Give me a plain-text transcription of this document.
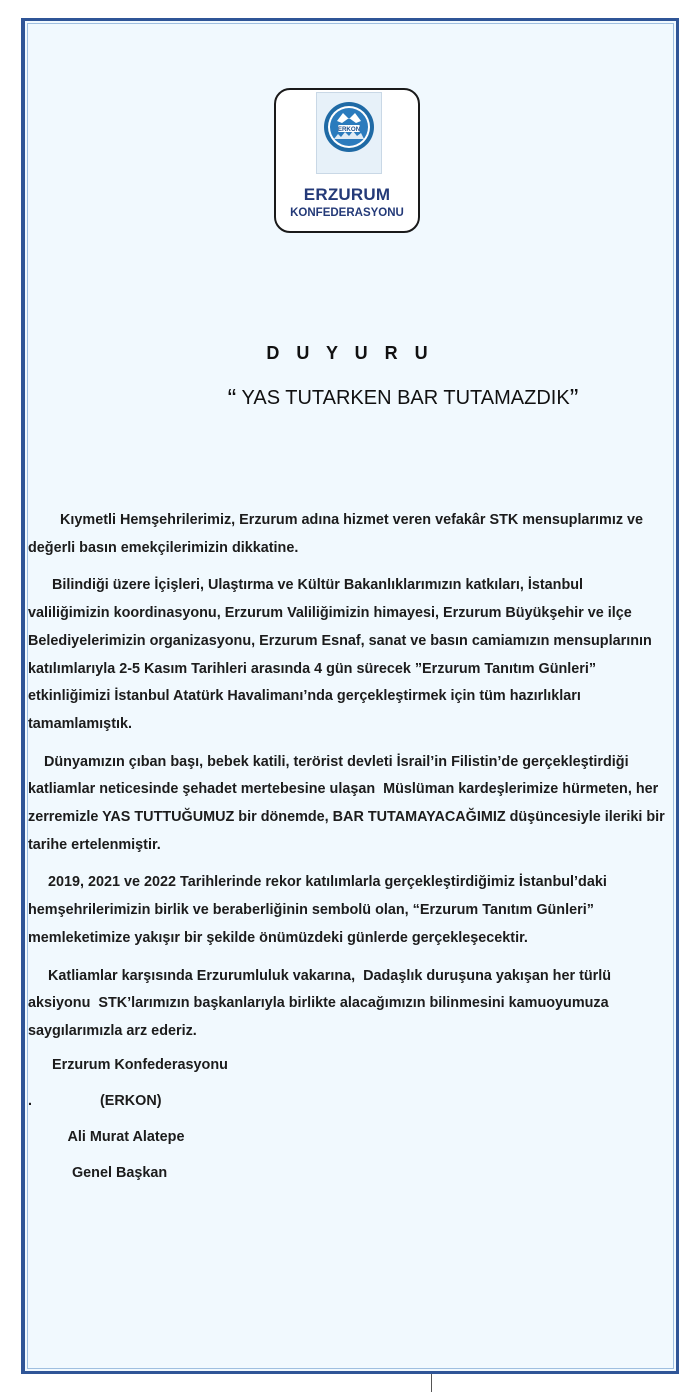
ERKON
ERZURUM
KONFEDERASYONU
D U Y U R U
“ YAS TUTARKEN BAR TUTAMAZDIK”

Kıymetli Hemşehrilerimiz, Erzurum adına hizmet veren vefakâr STK mensuplarımız ve değerli basın emekçilerimizin dikkatine.

Bilindiği üzere İçişleri, Ulaştırma ve Kültür Bakanlıklarımızın katkıları, İstanbul valiliğimizin koordinasyonu, Erzurum Valiliğimizin himayesi, Erzurum Büyükşehir ve ilçe Belediyelerimizin organizasyonu, Erzurum Esnaf, sanat ve basın camiamızın mensuplarının katılımlarıyla 2-5 Kasım Tarihleri arasında 4 gün sürecek ”Erzurum Tanıtım Günleri” etkinliğimizi İstanbul Atatürk Havalimanı’nda gerçekleştirmek için tüm hazırlıkları tamamlamıştık.

Dünyamızın çıban başı, bebek katili, terörist devleti İsrail’in Filistin’de gerçekleştirdiği katliamlar neticesinde şehadet mertebesine ulaşan  Müslüman kardeşlerimize hürmeten, her zerremizle YAS TUTTUĞUMUZ bir dönemde, BAR TUTAMAYACAĞIMIZ düşüncesiyle ileriki bir tarihe ertelenmiştir.

2019, 2021 ve 2022 Tarihlerinde rekor katılımlarla gerçekleştirdiğimiz İstanbul’daki hemşehrilerimizin birlik ve beraberliğinin sembolü olan, “Erzurum Tanıtım Günleri” memleketimize yakışır bir şekilde önümüzdeki günlerde gerçekleşecektir.

Katliamlar karşısında Erzurumluluk vakarına,  Dadaşlık duruşuna yakışan her türlü aksiyonu  STK’larımızın başkanlarıyla birlikte alacağımızın bilinmesini kamuoyumuza saygılarımızla arz ederiz.

Erzurum Konfederasyonu
.                 (ERKON)
Ali Murat Alatepe
Genel Başkan
